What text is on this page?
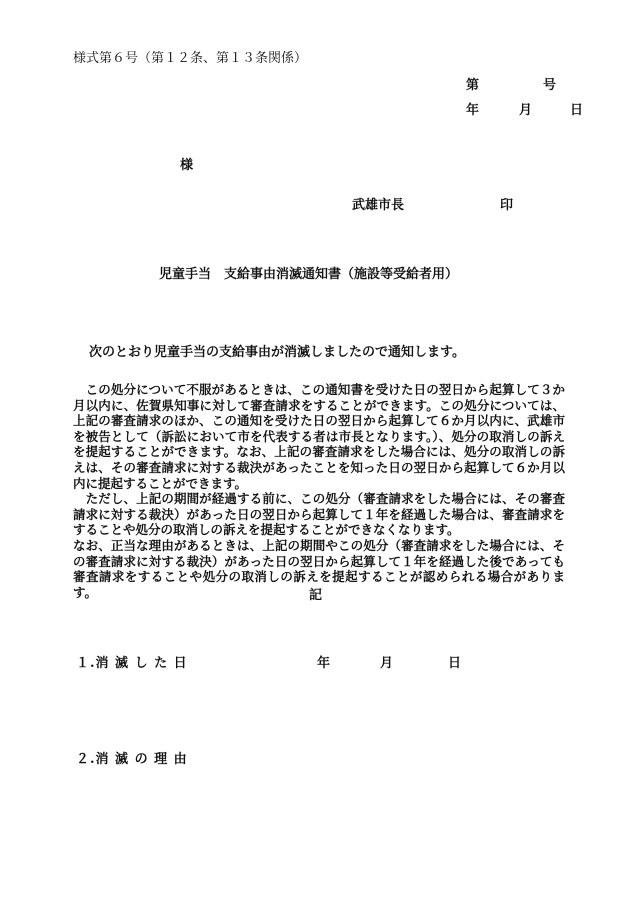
様式第６号（第１２条、第１３条関係）
第	号
年	月	日
様
武雄市長	印
児童手当　支給事由消滅通知書（施設等受給者用）
次のとおり児童手当の支給事由が消滅しましたので通知します。

　この処分について不服があるときは、この通知書を受けた日の翌日から起算して３か月以内に、佐賀県知事に対して審査請求をすることができます。この処分については、上記の審査請求のほか、この通知を受けた日の翌日から起算して６か月以内に、武雄市を被告として（訴訟において市を代表する者は市長となります。）、処分の取消しの訴えを提起することができます。なお、上記の審査請求をした場合には、処分の取消しの訴えは、その審査請求に対する裁決があったことを知った日の翌日から起算して６か月以内に提起することができます。

　ただし、上記の期間が経過する前に、この処分（審査請求をした場合には、その審査請求に対する裁決）があった日の翌日から起算して１年を経過した場合は、審査請求をすることや処分の取消しの訴えを提起することができなくなります。

なお、正当な理由があるときは、上記の期間やこの処分（審査請求をした場合には、その審査請求に対する裁決）があった日の翌日から起算して１年を経過した後であっても審査請求をすることや処分の取消しの訴えを提起することが認められる場合があります。	記
１.消 滅 し た 日	年	月	日
２.消 滅 の 理 由
